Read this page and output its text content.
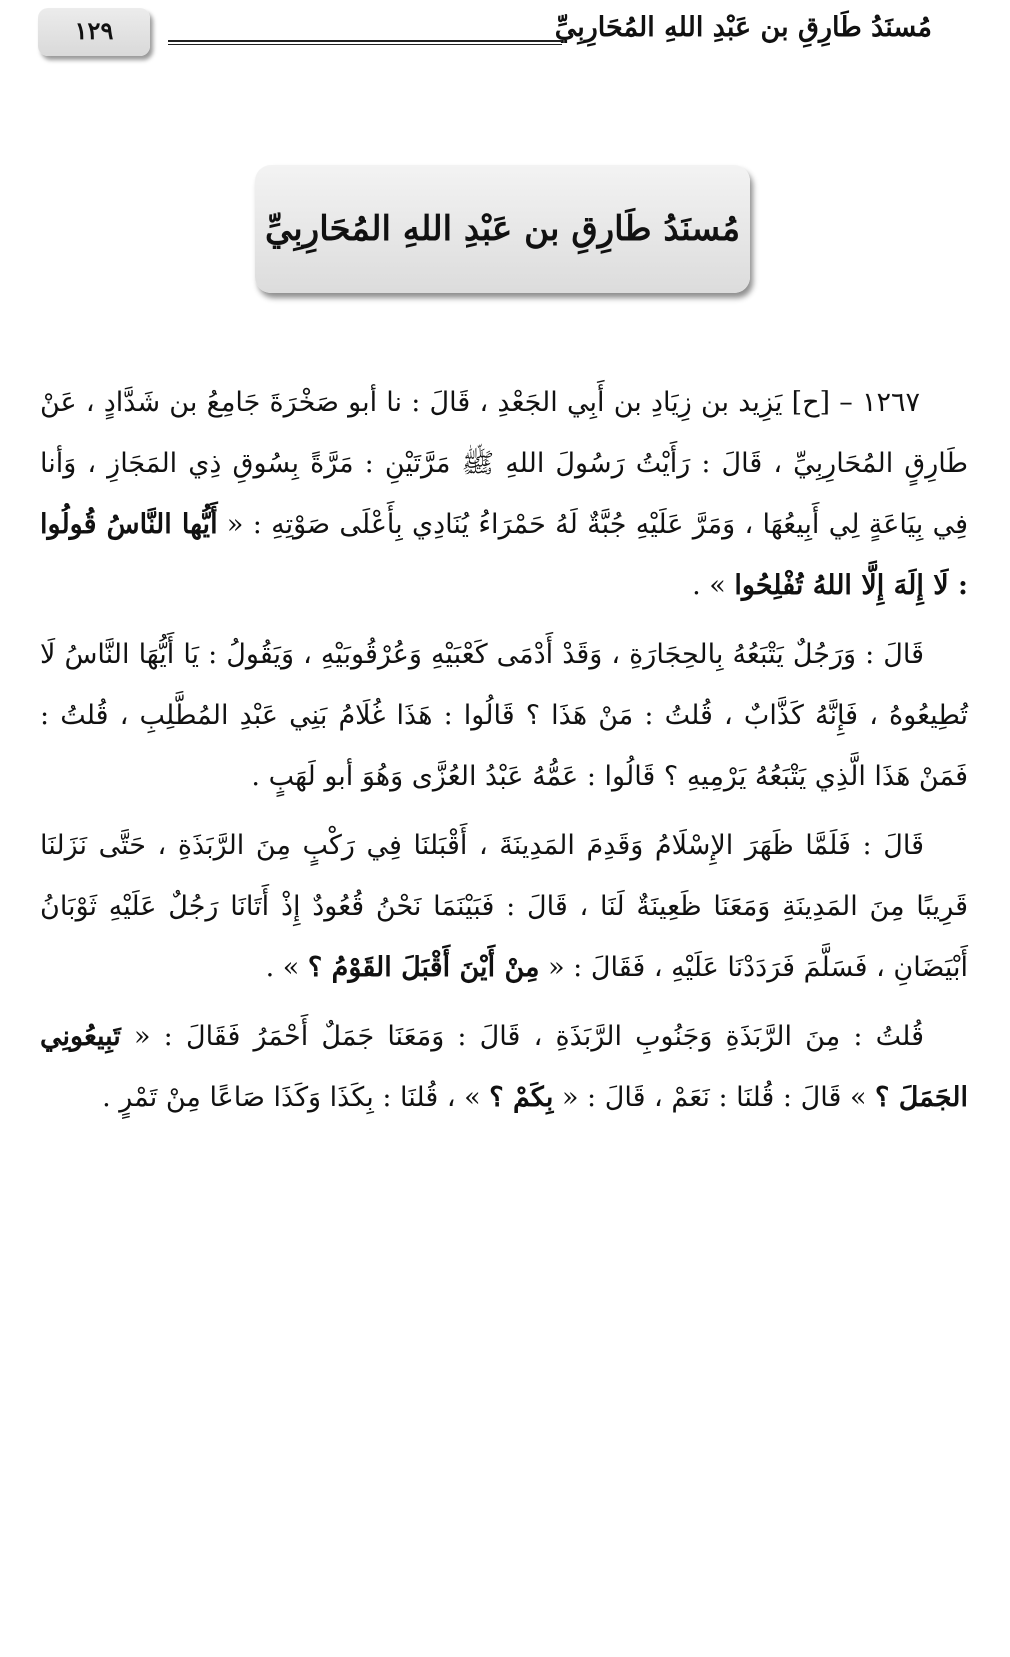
مُسنَدُ طَارِقِ بن عَبْدِ اللهِ المُحَارِبِيِّ
١٢٩
مُسنَدُ طَارِقِ بن عَبْدِ اللهِ المُحَارِبِيِّ

١٢٦٧ – [ح] يَزِيد بن زِيَادِ بن أَبِي الجَعْدِ ، قَالَ : نا أبو صَخْرَةَ جَامِعُ بن شَدَّادٍ ، عَنْ طَارِقٍ المُحَارِبِيِّ ، قَالَ : رَأَيْتُ رَسُولَ اللهِ ﷺ مَرَّتَيْنِ : مَرَّةً بِسُوقِ ذِي المَجَازِ ، وَأنا فِي بِيَاعَةٍ لِي أَبِيعُهَا ، وَمَرَّ عَلَيْهِ جُبَّةٌ لَهُ حَمْرَاءُ يُنَادِي بِأَعْلَى صَوْتِهِ : « أَيُّها النَّاسُ قُولُوا : لَا إِلَهَ إِلَّا اللهُ تُفْلِحُوا » .

قَالَ : وَرَجُلٌ يَتْبَعُهُ بِالحِجَارَةِ ، وَقَدْ أَدْمَى كَعْبَيْهِ وَعُرْقُوبَيْهِ ، وَيَقُولُ : يَا أَيُّهَا النَّاسُ لَا تُطِيعُوهُ ، فَإِنَّهُ كَذَّابٌ ، قُلتُ : مَنْ هَذَا ؟ قَالُوا : هَذَا غُلَامُ بَنِي عَبْدِ المُطَّلِبِ ، قُلتُ : فَمَنْ هَذَا الَّذِي يَتْبَعُهُ يَرْمِيهِ ؟ قَالُوا : عَمُّهُ عَبْدُ العُزَّى وَهُوَ أبو لَهَبٍ .

قَالَ : فَلَمَّا ظَهَرَ الإِسْلَامُ وَقَدِمَ المَدِينَةَ ، أَقْبَلنَا فِي رَكْبٍ مِنَ الرَّبَذَةِ ، حَتَّى نَزَلنَا قَرِيبًا مِنَ المَدِينَةِ وَمَعَنَا ظَعِينَةٌ لَنَا ، قَالَ : فَبَيْنَمَا نَحْنُ قُعُودٌ إِذْ أَتَانَا رَجُلٌ عَلَيْهِ ثَوْبَانُ أَبْيَضَانِ ، فَسَلَّمَ فَرَدَدْنَا عَلَيْهِ ، فَقَالَ : « مِنْ أَيْنَ أَقْبَلَ القَوْمُ ؟ » .

قُلتُ : مِنَ الرَّبَذَةِ وَجَنُوبِ الرَّبَذَةِ ، قَالَ : وَمَعَنَا جَمَلٌ أَحْمَرُ فَقَالَ : « تَبِيعُونِي الجَمَلَ ؟ » قَالَ : قُلنَا : نَعَمْ ، قَالَ : « بِكَمْ ؟ » ، قُلنَا : بِكَذَا وَكَذَا صَاعًا مِنْ تَمْرٍ .
